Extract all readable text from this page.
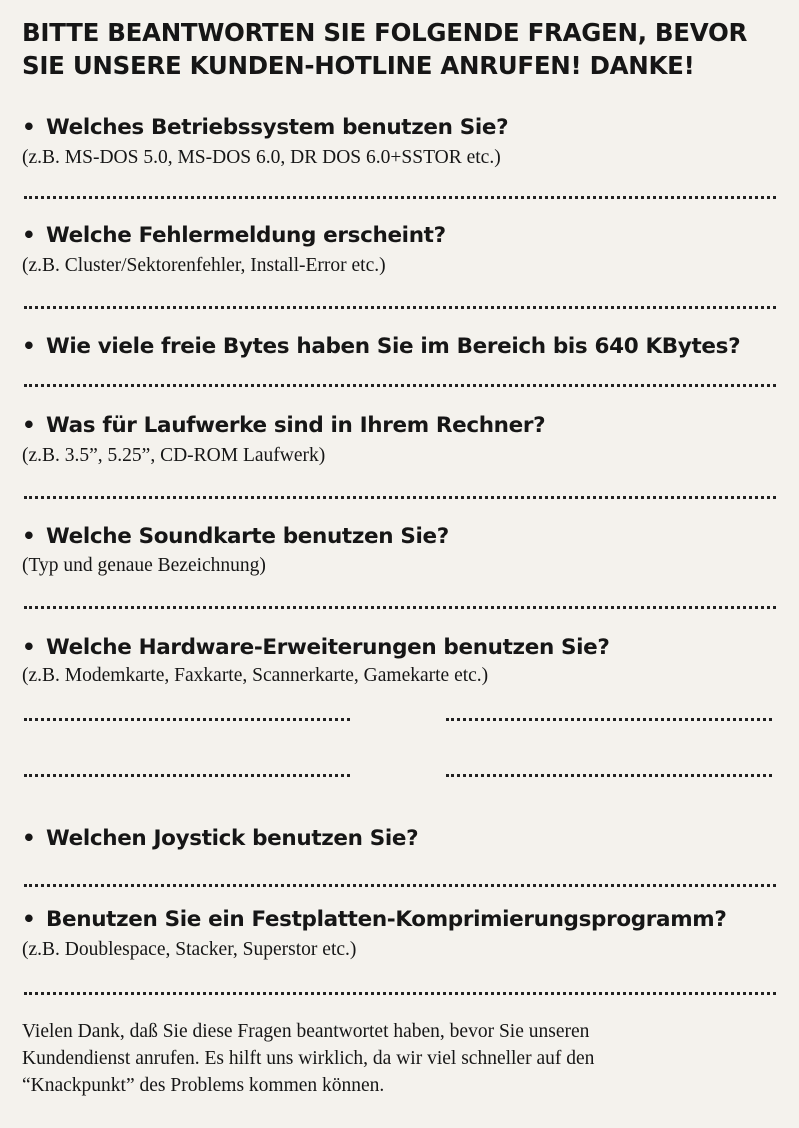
BITTE BEANTWORTEN SIE FOLGENDE FRAGEN, BEVOR
SIE UNSERE KUNDEN-HOTLINE ANRUFEN! DANKE!
• Welches Betriebssystem benutzen Sie?
(z.B. MS-DOS 5.0, MS-DOS 6.0, DR DOS 6.0+SSTOR etc.)
• Welche Fehlermeldung erscheint?
(z.B. Cluster/Sektorenfehler, Install-Error etc.)
• Wie viele freie Bytes haben Sie im Bereich bis 640 KBytes?
• Was für Laufwerke sind in Ihrem Rechner?
(z.B. 3.5”, 5.25”, CD-ROM Laufwerk)
• Welche Soundkarte benutzen Sie?
(Typ und genaue Bezeichnung)
• Welche Hardware-Erweiterungen benutzen Sie?
(z.B. Modemkarte, Faxkarte, Scannerkarte, Gamekarte etc.)
• Welchen Joystick benutzen Sie?
• Benutzen Sie ein Festplatten-Komprimierungsprogramm?
(z.B. Doublespace, Stacker, Superstor etc.)
Vielen Dank, daß Sie diese Fragen beantwortet haben, bevor Sie unseren
Kundendienst anrufen. Es hilft uns wirklich, da wir viel schneller auf den
“Knackpunkt” des Problems kommen können.
